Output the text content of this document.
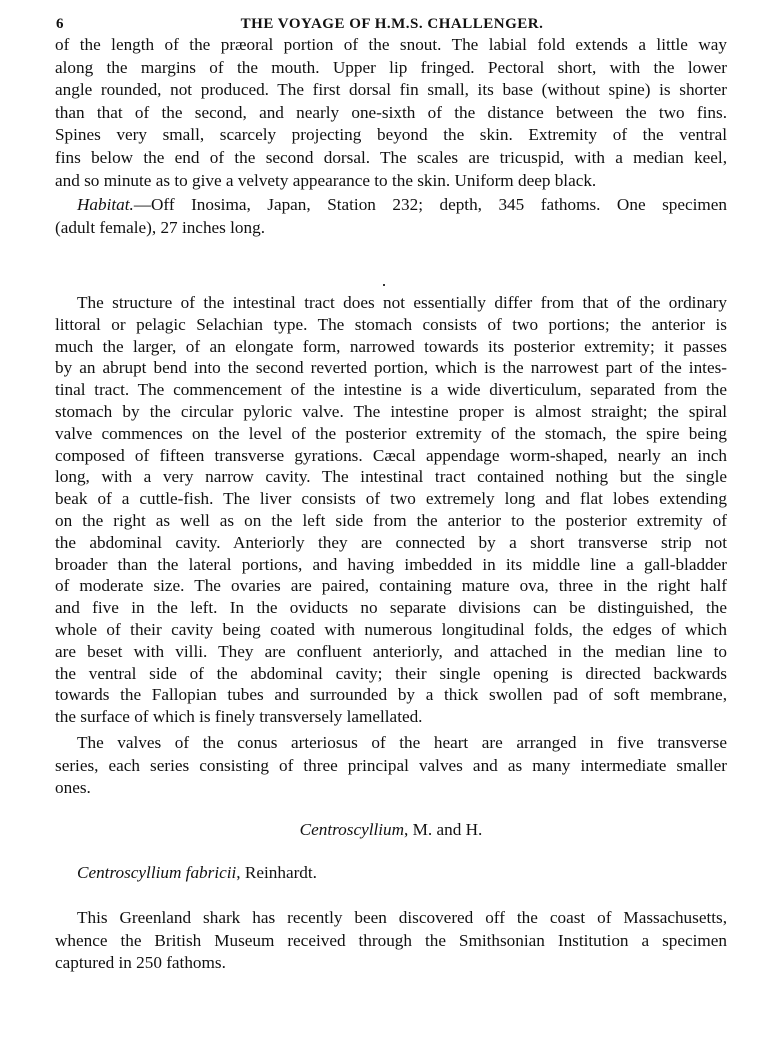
6	THE VOYAGE OF H.M.S. CHALLENGER.
of the length of the præoral portion of the snout. The labial fold extends a little way
along the margins of the mouth. Upper lip fringed. Pectoral short, with the lower
angle rounded, not produced. The first dorsal fin small, its base (without spine) is shorter
than that of the second, and nearly one-sixth of the distance between the two fins.
Spines very small, scarcely projecting beyond the skin. Extremity of the ventral
fins below the end of the second dorsal. The scales are tricuspid, with a median keel,
and so minute as to give a velvety appearance to the skin. Uniform deep black.
Habitat.—Off Inosima, Japan, Station 232; depth, 345 fathoms. One specimen
(adult female), 27 inches long.
The structure of the intestinal tract does not essentially differ from that of the ordinary
littoral or pelagic Selachian type. The stomach consists of two portions; the anterior is
much the larger, of an elongate form, narrowed towards its posterior extremity; it passes
by an abrupt bend into the second reverted portion, which is the narrowest part of the intes-
tinal tract. The commencement of the intestine is a wide diverticulum, separated from the
stomach by the circular pyloric valve. The intestine proper is almost straight; the spiral
valve commences on the level of the posterior extremity of the stomach, the spire being
composed of fifteen transverse gyrations. Cæcal appendage worm-shaped, nearly an inch
long, with a very narrow cavity. The intestinal tract contained nothing but the single
beak of a cuttle-fish. The liver consists of two extremely long and flat lobes extending
on the right as well as on the left side from the anterior to the posterior extremity of
the abdominal cavity. Anteriorly they are connected by a short transverse strip not
broader than the lateral portions, and having imbedded in its middle line a gall-bladder
of moderate size. The ovaries are paired, containing mature ova, three in the right half
and five in the left. In the oviducts no separate divisions can be distinguished, the
whole of their cavity being coated with numerous longitudinal folds, the edges of which
are beset with villi. They are confluent anteriorly, and attached in the median line to
the ventral side of the abdominal cavity; their single opening is directed backwards
towards the Fallopian tubes and surrounded by a thick swollen pad of soft membrane,
the surface of which is finely transversely lamellated.
The valves of the conus arteriosus of the heart are arranged in five transverse
series, each series consisting of three principal valves and as many intermediate smaller
ones.
Centroscyllium, M. and H.
Centroscyllium fabricii, Reinhardt.
This Greenland shark has recently been discovered off the coast of Massachusetts,
whence the British Museum received through the Smithsonian Institution a specimen
captured in 250 fathoms.
